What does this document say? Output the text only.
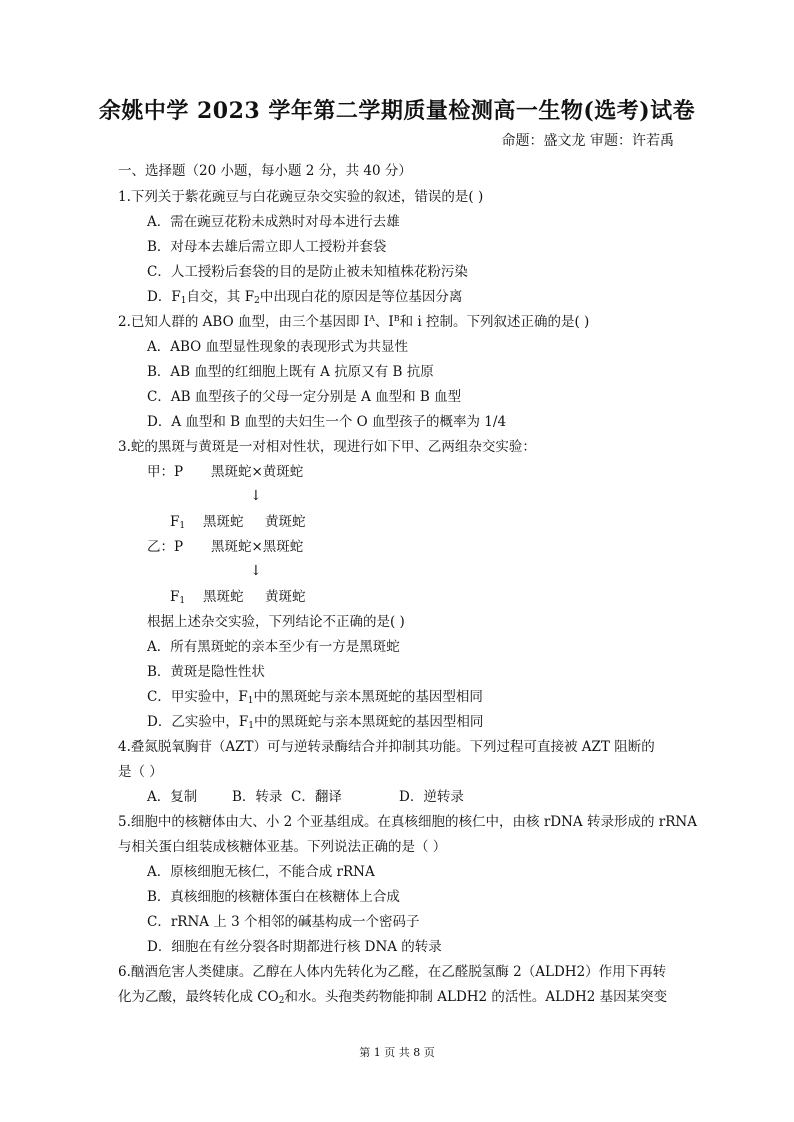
余姚中学 2023 学年第二学期质量检测高一生物(选考)试卷
命题：盛文龙 审题：许若禹
一、选择题（20 小题，每小题 2 分，共 40 分）
1.下列关于紫花豌豆与白花豌豆杂交实验的叙述，错误的是( )
A．需在豌豆花粉未成熟时对母本进行去雄
B．对母本去雄后需立即人工授粉并套袋
C．人工授粉后套袋的目的是防止被未知植株花粉污染
D．$F_1$自交，其 $F_2$中出现白花的原因是等位基因分离
2.已知人群的 ABO 血型，由三个基因即 $I^A$、$I^B$和 i 控制。下列叙述正确的是( )
A．ABO 血型显性现象的表现形式为共显性
B．AB 血型的红细胞上既有 A 抗原又有 B 抗原
C．AB 血型孩子的父母一定分别是 A 血型和 B 血型
D．A 血型和 B 血型的夫妇生一个 O 血型孩子的概率为 1/4
3.蛇的黑斑与黄斑是一对相对性状，现进行如下甲、乙两组杂交实验：
甲：P 黑斑蛇×黄斑蛇
↓
$F_1$ 黑斑蛇     黄斑蛇
乙：P 黑斑蛇×黑斑蛇
↓
$F_1$ 黑斑蛇     黄斑蛇
根据上述杂交实验，下列结论不正确的是( )
A．所有黑斑蛇的亲本至少有一方是黑斑蛇
B．黄斑是隐性性状
C．甲实验中，$F_1$中的黑斑蛇与亲本黑斑蛇的基因型相同
D．乙实验中，$F_1$中的黑斑蛇与亲本黑斑蛇的基因型相同
4.叠氮脱氧胸苷（AZT）可与逆转录酶结合并抑制其功能。下列过程可直接被 AZT 阻断的
是（ ）
A．复制	B．转录 C．翻译	D．逆转录
5.细胞中的核糖体由大、小 2 个亚基组成。在真核细胞的核仁中，由核 rDNA 转录形成的 rRNA
与相关蛋白组装成核糖体亚基。下列说法正确的是（ ）
A．原核细胞无核仁，不能合成 rRNA
B．真核细胞的核糖体蛋白在核糖体上合成
C．rRNA 上 3 个相邻的碱基构成一个密码子
D．细胞在有丝分裂各时期都进行核 DNA 的转录
6.酗酒危害人类健康。乙醇在人体内先转化为乙醛，在乙醛脱氢酶 2（ALDH2）作用下再转
化为乙酸，最终转化成 $CO_2$和水。头孢类药物能抑制 ALDH2 的活性。ALDH2 基因某突变
第 1 页 共 8 页
